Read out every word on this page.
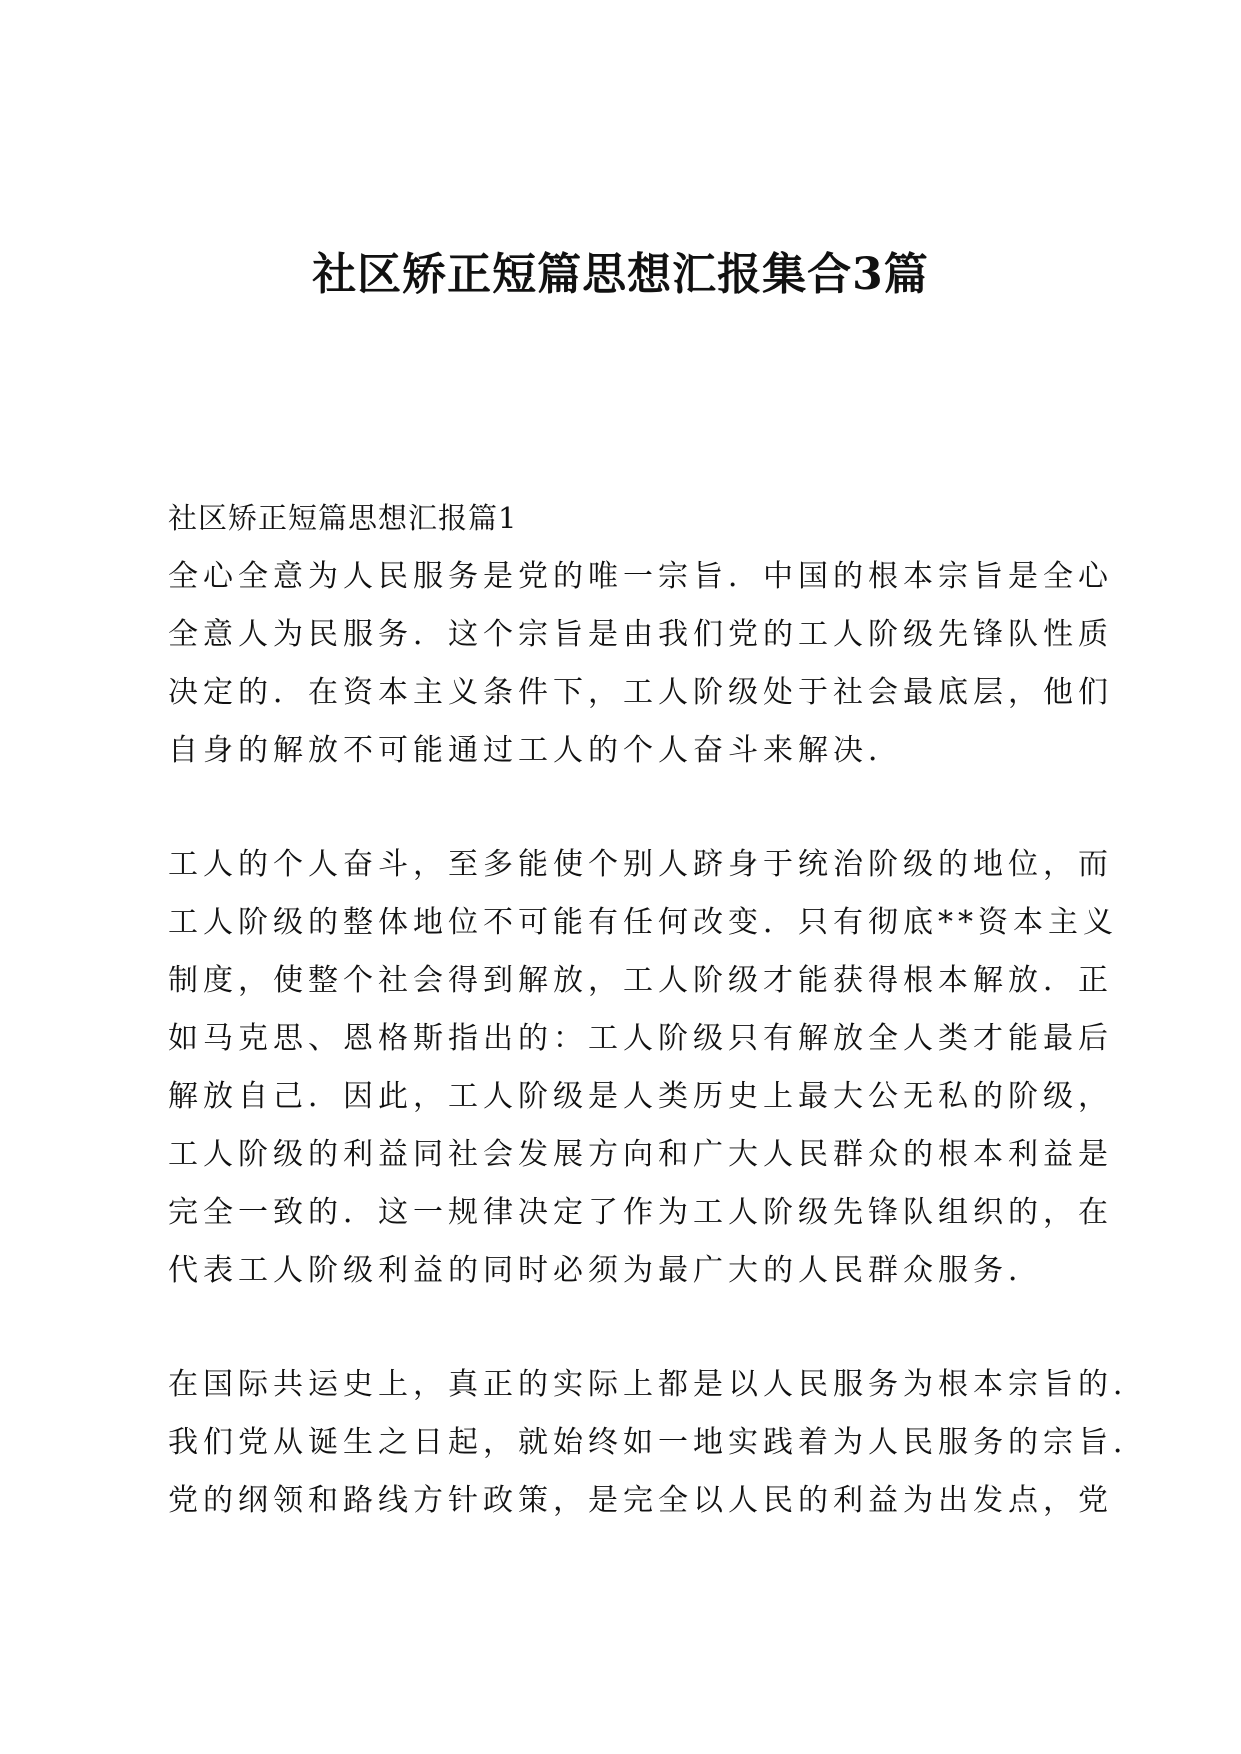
社区矫正短篇思想汇报集合3篇

社区矫正短篇思想汇报篇1

全心全意为人民服务是党的唯一宗旨．中国的根本宗旨是全心
全意人为民服务．这个宗旨是由我们党的工人阶级先锋队性质
决定的．在资本主义条件下，工人阶级处于社会最底层，他们
自身的解放不可能通过工人的个人奋斗来解决．
工人的个人奋斗，至多能使个别人跻身于统治阶级的地位，而
工人阶级的整体地位不可能有任何改变．只有彻底**资本主义
制度，使整个社会得到解放，工人阶级才能获得根本解放．正
如马克思、恩格斯指出的：工人阶级只有解放全人类才能最后
解放自己．因此，工人阶级是人类历史上最大公无私的阶级，
工人阶级的利益同社会发展方向和广大人民群众的根本利益是
完全一致的．这一规律决定了作为工人阶级先锋队组织的，在
代表工人阶级利益的同时必须为最广大的人民群众服务．
在国际共运史上，真正的实际上都是以人民服务为根本宗旨的．
我们党从诞生之日起，就始终如一地实践着为人民服务的宗旨．
党的纲领和路线方针政策，是完全以人民的利益为出发点，党
